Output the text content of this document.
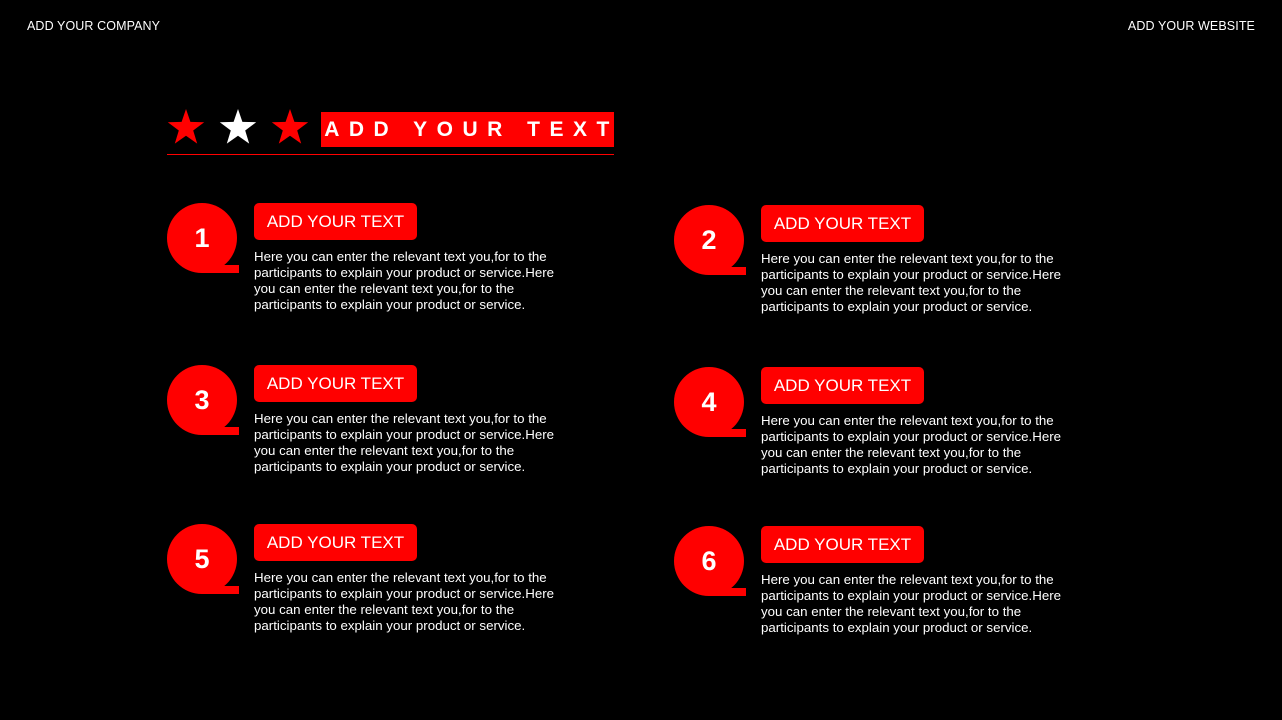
ADD YOUR COMPANY	ADD YOUR WEBSITE
ADD YOUR TEXT
1
ADD YOUR TEXT
Here you can enter the relevant text you,for to the participants to explain your product or service.Here you can enter the relevant text you,for to the participants to explain your product or service.
2
ADD YOUR TEXT
Here you can enter the relevant text you,for to the participants to explain your product or service.Here you can enter the relevant text you,for to the participants to explain your product or service.
3
ADD YOUR TEXT
Here you can enter the relevant text you,for to the participants to explain your product or service.Here you can enter the relevant text you,for to the participants to explain your product or service.
4
ADD YOUR TEXT
Here you can enter the relevant text you,for to the participants to explain your product or service.Here you can enter the relevant text you,for to the participants to explain your product or service.
5
ADD YOUR TEXT
Here you can enter the relevant text you,for to the participants to explain your product or service.Here you can enter the relevant text you,for to the participants to explain your product or service.
6
ADD YOUR TEXT
Here you can enter the relevant text you,for to the participants to explain your product or service.Here you can enter the relevant text you,for to the participants to explain your product or service.
